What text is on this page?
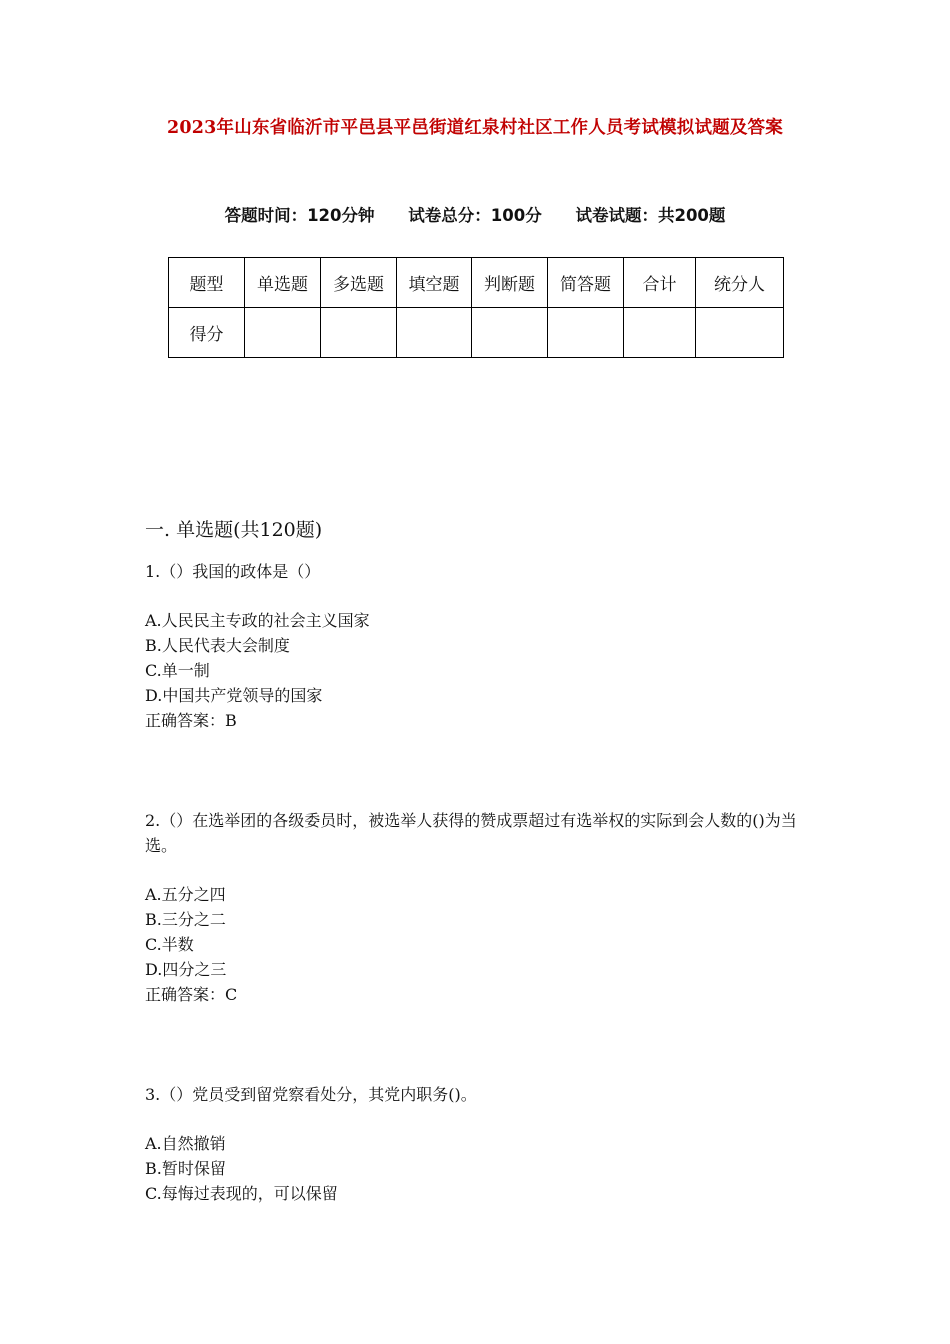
2023年山东省临沂市平邑县平邑街道红泉村社区工作人员考试模拟试题及答案
答题时间：120分钟 试卷总分：100分 试卷试题：共200题
题型	单选题	多选题	填空题	判断题	简答题	合计	统分人
得分							
一. 单选题(共120题)
1.（）我国的政体是（）
A.人民民主专政的社会主义国家
B.人民代表大会制度
C.单一制
D.中国共产党领导的国家
正确答案：B
2.（）在选举团的各级委员时，被选举人获得的赞成票超过有选举权的实际到会人数的()为当选。
A.五分之四
B.三分之二
C.半数
D.四分之三
正确答案：C
3.（）党员受到留党察看处分，其党内职务()。
A.自然撤销
B.暂时保留
C.每悔过表现的，可以保留
